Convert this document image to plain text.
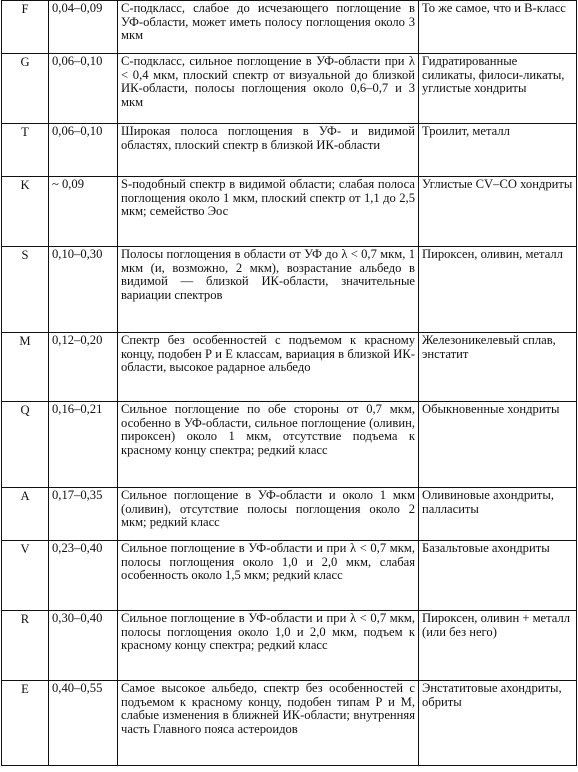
F	0,04–0,09	С-подкласс, слабое до исчезающего поглощение в УФ-области, может иметь полосу поглощения около 3 мкм	То же самое, что и В-класс
G	0,06–0,10	С-подкласс, сильное поглощение в УФ-области при λ < 0,4 мкм, плоский спектр от визуальной до близкой ИК-области, полосы поглощения около 0,6–0,7 и 3 мкм	Гидратированные силикаты, филоси-ликаты, углистые хондриты
T	0,06–0,10	Широкая полоса поглощения в УФ- и видимой областях, плоский спектр в близкой ИК-области	Троилит, металл
K	~ 0,09	S-подобный спектр в видимой области; слабая полоса поглощения около 1 мкм, плоский спектр от 1,1 до 2,5 мкм; семейство Эос	Углистые CV–CO хондриты
S	0,10–0,30	Полосы поглощения в области от УФ до λ < 0,7 мкм, 1 мкм (и, возможно, 2 мкм), возрастание альбедо в видимой — близкой ИК-области, значительные вариации спектров	Пироксен, оливин, металл
M	0,12–0,20	Спектр без особенностей с подъемом к красному концу, подобен Р и Е классам, вариация в близкой ИК-области, высокое радарное альбедо	Железоникелевый сплав, энстатит
Q	0,16–0,21	Сильное поглощение по обе стороны от 0,7 мкм, особенно в УФ-области, сильное поглощение (оливин, пироксен) около 1 мкм, отсутствие подъема к красному концу спектра; редкий класс	Обыкновенные хондриты
A	0,17–0,35	Сильное поглощение в УФ-области и около 1 мкм (оливин), отсутствие полосы поглощения около 2 мкм; редкий класс	Оливиновые ахондриты, палласиты
V	0,23–0,40	Сильное поглощение в УФ-области и при λ < 0,7 мкм, полосы поглощения около 1,0 и 2,0 мкм, слабая особенность около 1,5 мкм; редкий класс	Базальтовые ахондриты
R	0,30–0,40	Сильное поглощение в УФ-области и при λ < 0,7 мкм, полосы поглощения около 1,0 и 2,0 мкм, подъем к красному концу спектра; редкий класс	Пироксен, оливин + металл (или без него)
E	0,40–0,55	Самое высокое альбедо, спектр без особенностей с подъемом к красному концу, подобен типам Р и М, слабые изменения в ближней ИК-области; внутренняя часть Главного пояса астероидов	Энстатитовые ахондриты, обриты
